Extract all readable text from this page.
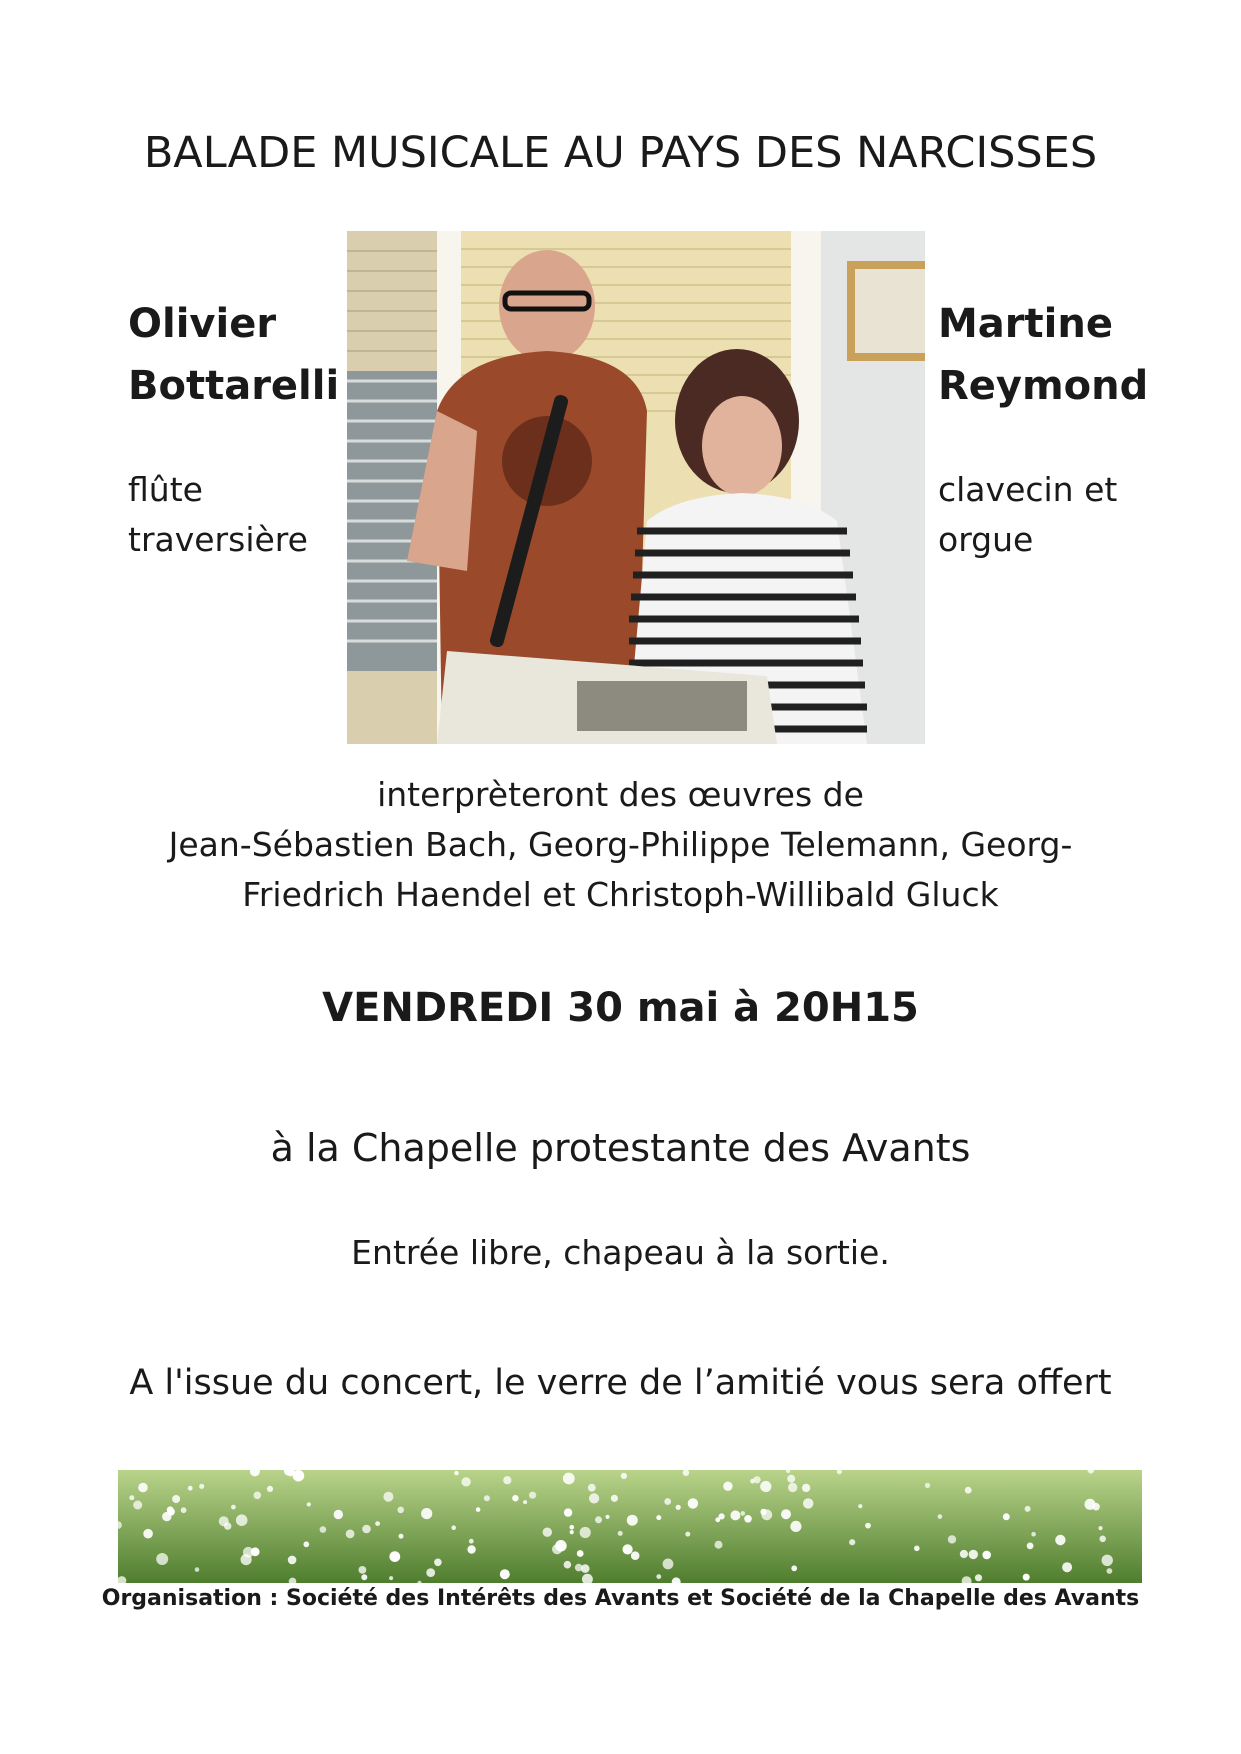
BALADE MUSICALE AU PAYS DES NARCISSES

Olivier

Bottarelli

flûte

traversière

Martine

Reymond

clavecin et

orgue

interprèteront des œuvres de
Jean-Sébastien Bach, Georg-Philippe Telemann, Georg-
Friedrich Haendel et Christoph-Willibald Gluck

VENDREDI 30 mai à 20H15

à la Chapelle protestante des Avants

Entrée libre, chapeau à la sortie.

A l'issue du concert, le verre de l’amitié vous sera offert

Organisation : Société des Intérêts des Avants et Société de la Chapelle des Avants
